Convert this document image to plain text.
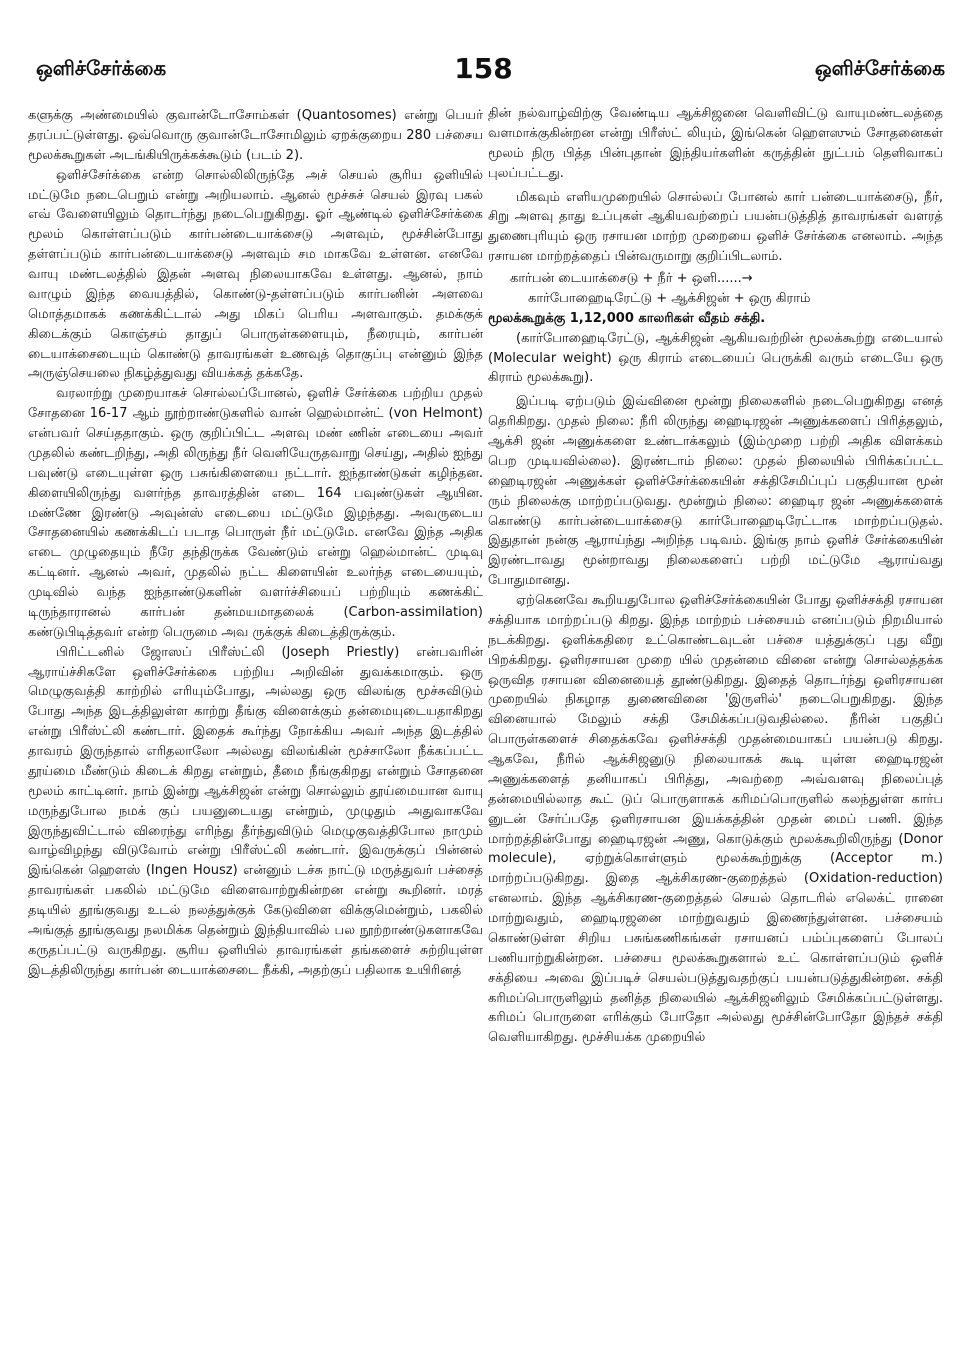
ஒளிச்சேர்க்கை	158	ஒளிச்சேர்க்கை

களுக்கு அண்மையில் குவான்டோசோம்கள் (Quantosomes) என்று பெயர் தரப்பட்டுள்ளது. ஒவ்வொரு குவான்டோசோமிலும் ஏறக்குறைய 280 பச்சைய மூலக்கூறுகள் அடங்கியிருக்கக்கூடும் (படம் 2).

ஒளிச்சேர்க்கை என்ற சொல்லிலிருந்தே அச் செயல் சூரிய ஒளியில் மட்டுமே நடைபெறும் என்று அறியலாம். ஆனல் மூச்சுச் செயல் இரவு பகல் எவ் வேளையிலும் தொடர்ந்து நடைபெறுகிறது. ஓர் ஆண்டில் ஒளிச்சேர்க்கை மூலம் கொள்ளப்படும் கார்பன்டையாக்சைடு அளவும், மூச்சின்போது தள்ளப்படும் கார்பன்டையாக்சைடு அளவும் சம மாகவே உள்ளன. எனவே வாயு மண்டலத்தில் இதன் அளவு நிலையாகவே உள்ளது. ஆனல், நாம் வாழும் இந்த வையத்தில், கொண்டு-தள்ளப்படும் கார்பனின் அளவை மொத்தமாகக் கணக்கிட்டால் அது மிகப் பெரிய அளவாகும். தமக்குக் கிடைக்கும் கொஞ்சம் தாதுப் பொருள்களையும், நீரையும், கார்பன் டையாக்சைடையும் கொண்டு தாவரங்கள் உணவுத் தொகுப்பு என்னும் இந்த அருஞ்செயலை நிகழ்த்துவது வியக்கத் தக்கதே.

வரலாற்று முறையாகச் சொல்லப்போனல், ஒளிச் சேர்க்கை பற்றிய முதல் சோதனை 16-17 ஆம் நூற்றாண்டுகளில் வான் ஹெல்மான்ட் (von Helmont) என்பவர் செய்ததாகும். ஒரு குறிப்பிட்ட அளவு மண் ணின் எடையை அவர் முதலில் கண்டறிந்து, அதி லிருந்து நீர் வெளியேருதவாறு செய்து, அதில் ஐந்து பவுண்டு எடையுள்ள ஒரு பசுங்கிளையை நட்டார். ஐந்தாண்டுகள் கழிந்தன. கிளையிலிருந்து வளர்ந்த தாவரத்தின் எடை 164 பவுண்டுகள் ஆயின. மண்ணே இரண்டு அவுன்ஸ் எடையை மட்டுமே இழந்தது. அவருடைய சோதனையில் கணக்கிடப் படாத பொருள் நீர் மட்டுமே. எனவே இந்த அதிக எடை முழுதையும் நீரே தந்திருக்க வேண்டும் என்று ஹெல்மான்ட் முடிவு கட்டினர். ஆனல் அவர், முதலில் நட்ட கிளையின் உலர்ந்த எடையையும், முடிவில் வந்த ஐந்தாண்டுகளின் வளர்ச்சியைப் பற்றியும் கணக்கிட் டிருந்தாரானல் கார்பன் தன்மயமாதலைக் (Carbon-assimilation) கண்டுபிடித்தவர் என்ற பெருமை அவ ருக்குக் கிடைத்திருக்கும்.

பிரிட்டனில் ஜோஸப் பிரீஸ்ட்லி (Joseph Priestly) என்பவரின் ஆராய்ச்சிகளே ஒளிச்சேர்க்கை பற்றிய அறிவின் துவக்கமாகும். ஒரு மெழுகுவத்தி காற்றில் எரியும்போது, அல்லது ஒரு விலங்கு மூச்சுவிடும் போது அந்த இடத்திலுள்ள காற்று தீங்கு விளைக்கும் தன்மையுடையதாகிறது என்று பிரீஸ்ட்லி கண்டார். இதைக் கூர்ந்து நோக்கிய அவர் அந்த இடத்தில் தாவரம் இருந்தால் எரிதலாலோ அல்லது விலங்கின் மூச்சாலோ நீக்கப்பட்ட தூய்மை மீண்டும் கிடைக் கிறது என்றும், தீமை நீங்குகிறது என்றும் சோதனை மூலம் காட்டினர். நாம் இன்று ஆக்சிஜன் என்று சொல்லும் தூய்மையான வாயு மருந்துபோல நமக் குப் பயனுடையது என்றும், முழுதும் அதுவாகவே இருந்துவிட்டால் விரைந்து எரிந்து தீர்ந்துவிடும் மெழுகுவத்திபோல நாமும் வாழ்விழந்து விடுவோம் என்று பிரீஸ்ட்லி கண்டார். இவருக்குப் பின்னல் இங்கென் ஹௌஸ் (Ingen Housz) என்னும் டச்சு நாட்டு மருத்துவர் பச்சைத் தாவரங்கள் பகலில் மட்டுமே விளைவாற்றுகின்றன என்று கூறினர். மரத் தடியில் தூங்குவது உடல் நலத்துக்குக் கேடுவிளை விக்குமென்றும், பகலில் அங்குத் தூங்குவது நலமிக்க தென்றும் இந்தியாவில் பல நூற்றாண்டுகளாகவே கருதப்பட்டு வருகிறது. சூரிய ஒளியில் தாவரங்கள் தங்களைச் சுற்றியுள்ள இடத்திலிருந்து கார்பன் டையாக்சைடை நீக்கி, அதற்குப் பதிலாக உயிரினத்

தின் நல்வாழ்விற்கு வேண்டிய ஆக்சிஜனை வெளிவிட்டு வாயுமண்டலத்தை வளமாக்குகின்றன என்று பிரீஸ்ட் லியும், இங்கென் ஹௌஸும் சோதனைகள் மூலம் நிரு பித்த பின்புதான் இந்தியர்களின் கருத்தின் நுட்பம் தெளிவாகப் புலப்பட்டது.

மிகவும் எளியமுறையில் சொல்லப் போனல் கார் பன்டையாக்சைடு, நீர், சிறு அளவு தாது உப்புகள் ஆகியவற்றைப் பயன்படுத்தித் தாவரங்கள் வளரத் துணைபுரியும் ஒரு ரசாயன மாற்ற முறையை ஒளிச் சேர்க்கை எனலாம். அந்த ரசாயன மாற்றத்தைப் பின்வருமாறு குறிப்பிடலாம்.

கார்பன் டையாக்சைடு + நீர் + ஒளி......→
கார்போஹைடிரேட்டு + ஆக்சிஜன் + ஒரு கிராம்
மூலக்கூறுக்கு 1,12,000 காலரிகள் வீதம் சக்தி.

(கார்போஹைடிரேட்டு, ஆக்சிஜன் ஆகியவற்றின் மூலக்கூற்று எடையால் (Molecular weight) ஒரு கிராம் எடையைப் பெருக்கி வரும் எடையே ஒரு கிராம் மூலக்கூறு).

இப்படி ஏற்படும் இவ்வினை மூன்று நிலைகளில் நடைபெறுகிறது எனத் தெரிகிறது. முதல் நிலை: நீரி லிருந்து ஹைடிரஜன் அணுக்களைப் பிரித்தலும், ஆக்சி ஜன் அணுக்களை உண்டாக்கலும் (இம்முறை பற்றி அதிக விளக்கம் பெற முடியவில்லை). இரண்டாம் நிலை: முதல் நிலையில் பிரிக்கப்பட்ட ஹைடிரஜன் அணுக்கள் ஒளிச்சேர்க்கையின் சக்திசேமிப்புப் பகுதியான மூன் ரும் நிலைக்கு மாற்றப்படுவது. மூன்றும் நிலை: ஹைடிர ஜன் அணுக்களைக் கொண்டு கார்பன்டையாக்சைடு கார்போஹைடிரேட்டாக மாற்றப்படுதல். இதுதான் நன்கு ஆராய்ந்து அறிந்த படிவம். இங்கு நாம் ஒளிச் சேர்க்கையின் இரண்டாவது மூன்றாவது நிலைகளைப் பற்றி மட்டுமே ஆராய்வது போதுமானது.

ஏற்கெனவே கூறியதுபோல ஒளிச்சேர்க்கையின் போது ஒளிச்சக்தி ரசாயன சக்தியாக மாற்றப்படு கிறது. இந்த மாற்றம் பச்சையம் எனப்படும் நிறமியால் நடக்கிறது. ஒளிக்கதிரை உட்கொண்டவுடன் பச்சை யத்துக்குப் புது வீறு பிறக்கிறது. ஒளிரசாயன முறை யில் முதன்மை வினை என்று சொல்லத்தக்க ஒருவித ரசாயன வினையைத் தூண்டுகிறது. இதைத் தொடர்ந்து ஒளிரசாயன முறையில் நிகழாத துணைவினை 'இருளில்' நடைபெறுகிறது. இந்த வினையால் மேலும் சக்தி சேமிக்கப்படுவதில்லை. நீரின் பகுதிப் பொருள்களைச் சிதைக்கவே ஒளிச்சக்தி முதன்மையாகப் பயன்படு கிறது. ஆகவே, நீரில் ஆக்சிஜனுடு நிலையாகக் கூடி யுள்ள ஹைடிரஜன் அணுக்களைத் தனியாகப் பிரித்து, அவற்றை அவ்வளவு நிலைப்புத் தன்மையில்லாத கூட் டுப் பொருளாகக் கரிமப்பொருளில் கலந்துள்ள கார்ப னுடன் சேர்ப்பதே ஒளிரசாயன இயக்கத்தின் முதன் மைப் பணி. இந்த மாற்றத்தின்போது ஹைடிரஜன் அணு, கொடுக்கும் மூலக்கூறிலிருந்து (Donor molecule), ஏற்றுக்கொள்ளும் மூலக்கூற்றுக்கு (Acceptor m.) மாற்றப்படுகிறது. இதை ஆக்சிகரண-குறைத்தல் (Oxidation-reduction) எனலாம். இந்த ஆக்சிகரண-குறைத்தல் செயல் தொடரில் எலெக்ட் ரானை மாற்றுவதும், ஹைடிரஜனை மாற்றுவதும் இணைந்துள்ளன. பச்சையம் கொண்டுள்ள சிறிய பசுங்கணிகங்கள் ரசாயனப் பம்ப்புகளைப் போலப் பணியாற்றுகின்றன. பச்சைய மூலக்கூறுகளால் உட் கொள்ளப்படும் ஒளிச் சக்தியை அவை இப்படிச் செயல்படுத்துவதற்குப் பயன்படுத்துகின்றன. சக்தி கரிமப்பொருளிலும் தனித்த நிலையில் ஆக்சிஜனிலும் சேமிக்கப்பட்டுள்ளது. கரிமப் பொருளை எரிக்கும் போதோ அல்லது மூச்சின்போதோ இந்தச் சக்தி வெளியாகிறது. மூச்சியக்க முறையில்
